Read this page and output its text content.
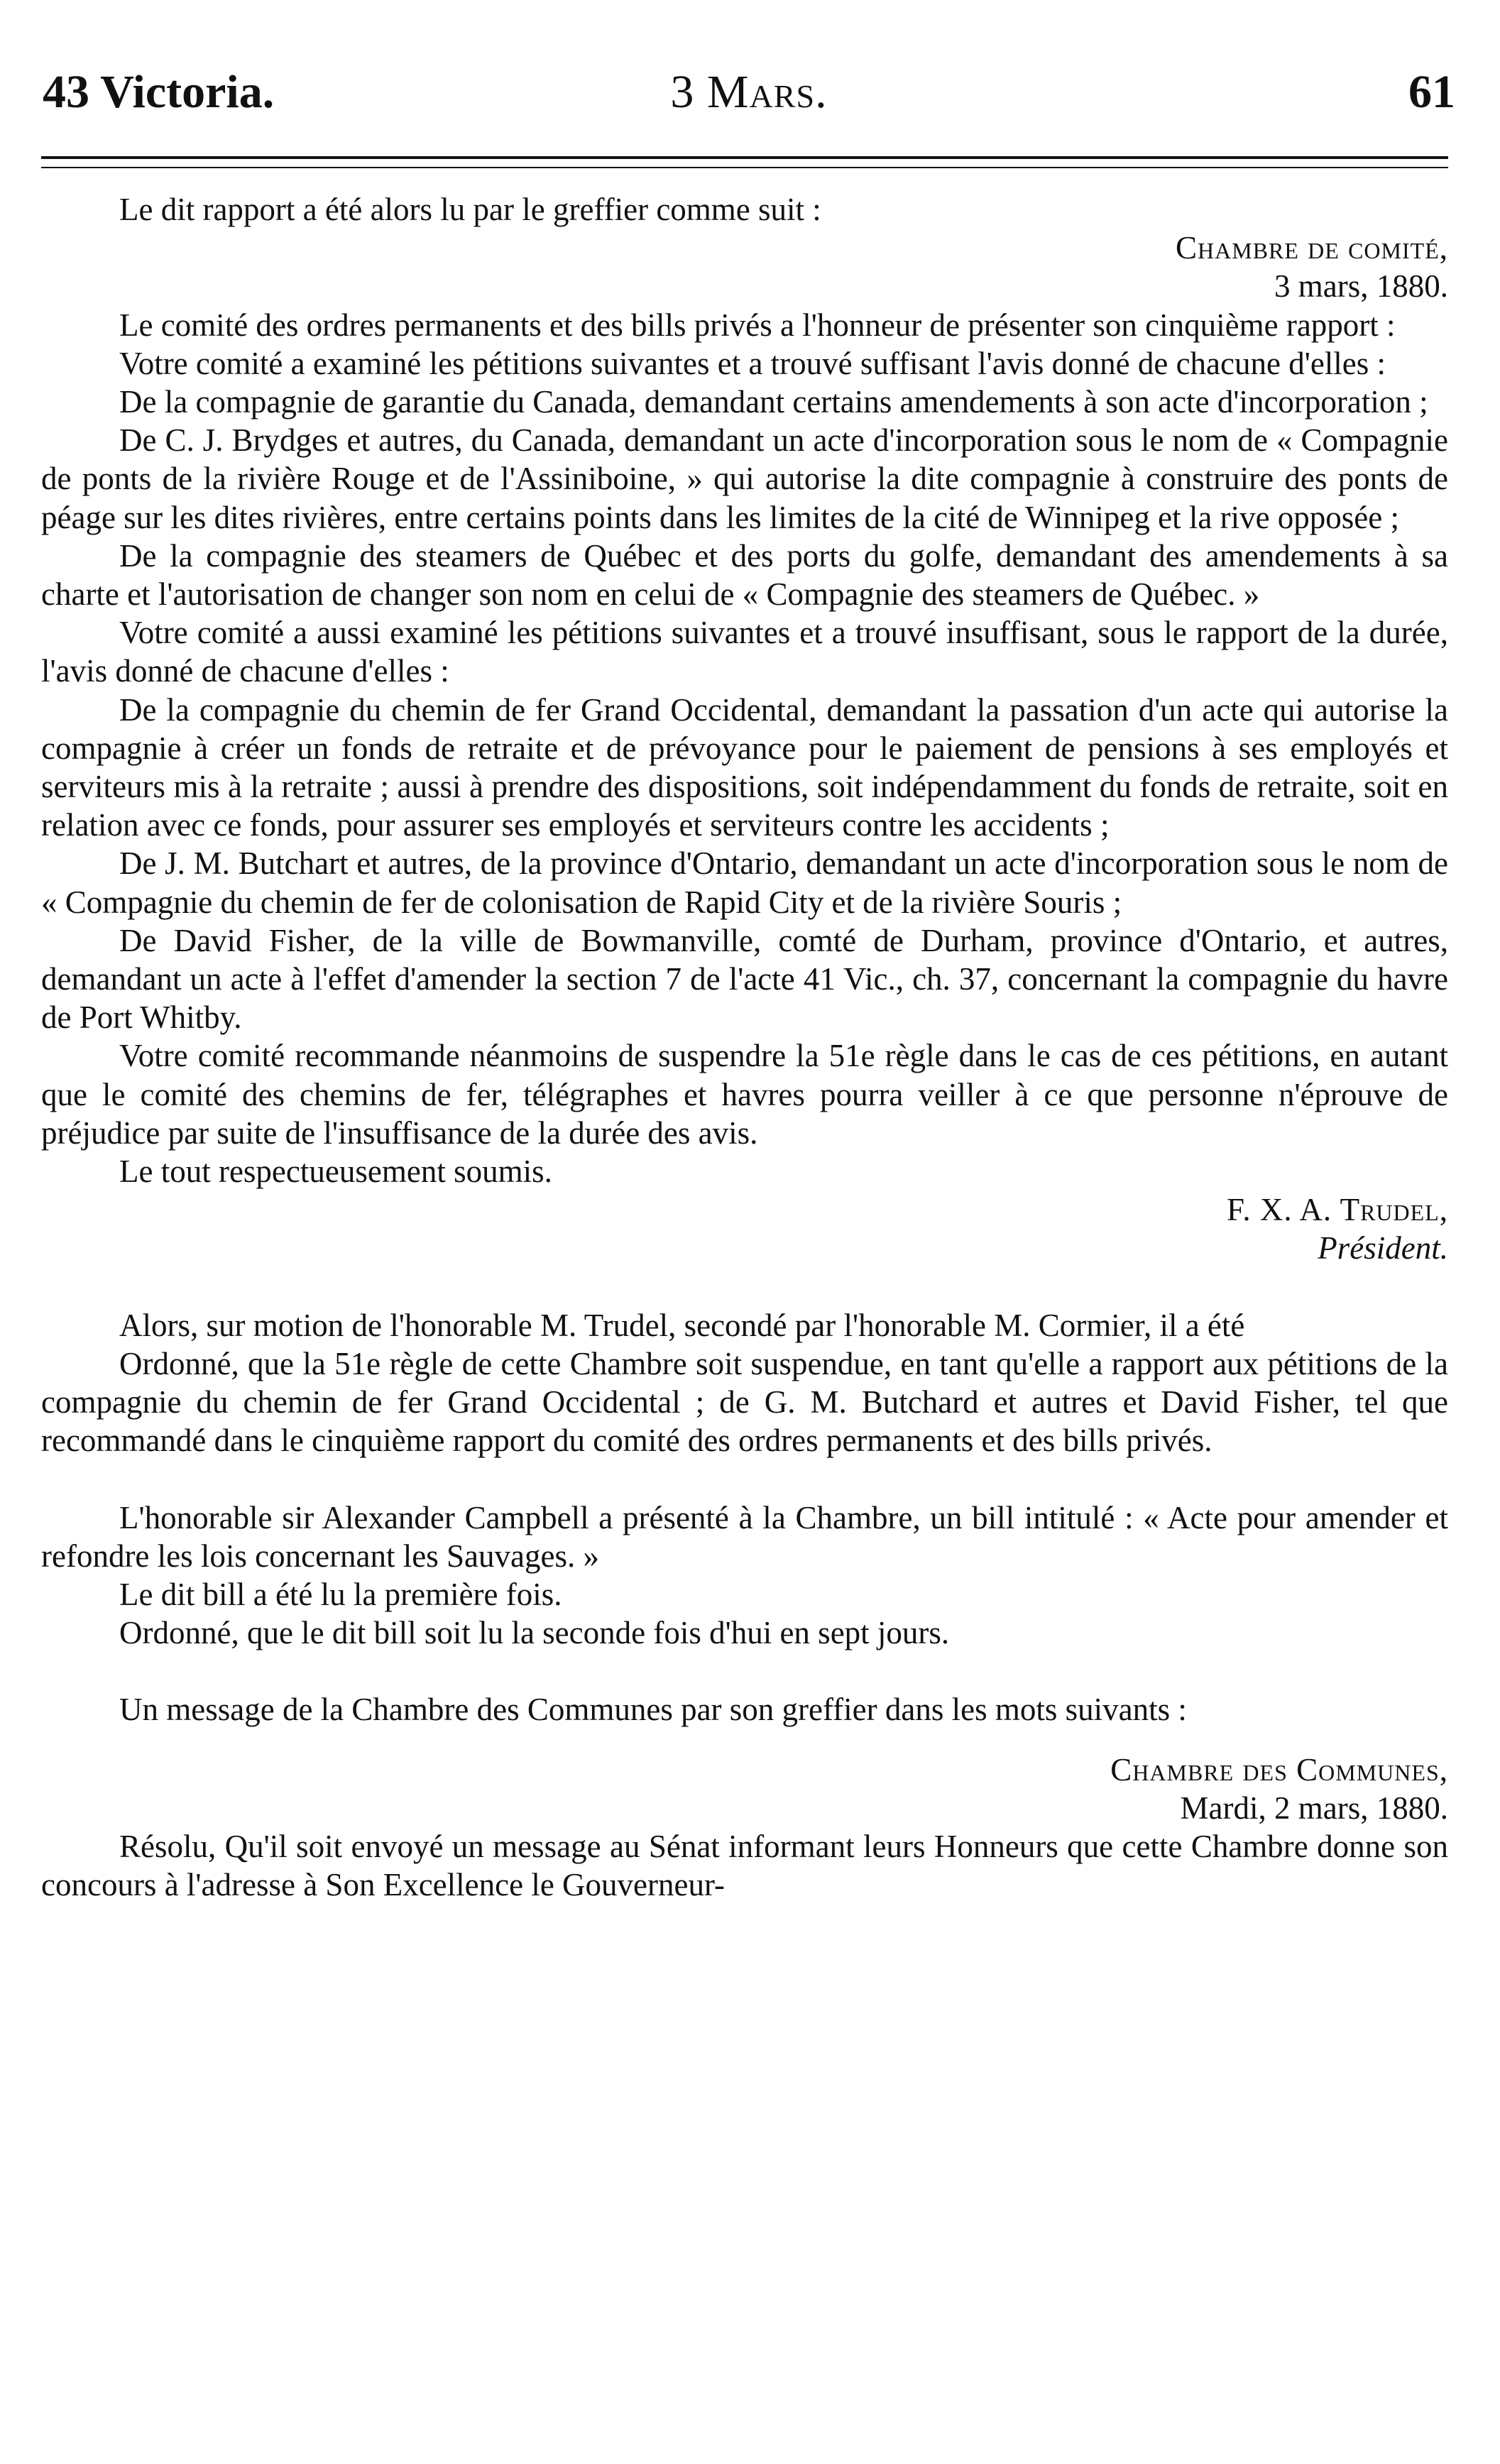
3 Mars.
43 Victoria.	61

Le dit rapport a été alors lu par le greffier comme suit :

Chambre de comité,

3 mars, 1880.

Le comité des ordres permanents et des bills privés a l'honneur de présenter son cinquième rapport :

Votre comité a examiné les pétitions suivantes et a trouvé suffisant l'avis donné de chacune d'elles :

De la compagnie de garantie du Canada, demandant certains amendements à son acte d'incorporation ;

De C. J. Brydges et autres, du Canada, demandant un acte d'incorporation sous le nom de « Compagnie de ponts de la rivière Rouge et de l'Assiniboine, » qui autorise la dite compagnie à construire des ponts de péage sur les dites rivières, entre certains points dans les limites de la cité de Winnipeg et la rive opposée ;

De la compagnie des steamers de Québec et des ports du golfe, demandant des amendements à sa charte et l'autorisation de changer son nom en celui de « Compagnie des steamers de Québec. »

Votre comité a aussi examiné les pétitions suivantes et a trouvé insuffisant, sous le rapport de la durée, l'avis donné de chacune d'elles :

De la compagnie du chemin de fer Grand Occidental, demandant la passation d'un acte qui autorise la compagnie à créer un fonds de retraite et de prévoyance pour le paiement de pensions à ses employés et serviteurs mis à la retraite ; aussi à prendre des dispositions, soit indépendamment du fonds de retraite, soit en relation avec ce fonds, pour assurer ses employés et serviteurs contre les accidents ;

De J. M. Butchart et autres, de la province d'Ontario, demandant un acte d'incorporation sous le nom de « Compagnie du chemin de fer de colonisation de Rapid City et de la rivière Souris ;

De David Fisher, de la ville de Bowmanville, comté de Durham, province d'Ontario, et autres, demandant un acte à l'effet d'amender la section 7 de l'acte 41 Vic., ch. 37, concernant la compagnie du havre de Port Whitby.

Votre comité recommande néanmoins de suspendre la 51e règle dans le cas de ces pétitions, en autant que le comité des chemins de fer, télégraphes et havres pourra veiller à ce que personne n'éprouve de préjudice par suite de l'insuffisance de la durée des avis.

Le tout respectueusement soumis.

F. X. A. Trudel,

Président.

Alors, sur motion de l'honorable M. Trudel, secondé par l'honorable M. Cormier, il a été

Ordonné, que la 51e règle de cette Chambre soit suspendue, en tant qu'elle a rapport aux pétitions de la compagnie du chemin de fer Grand Occidental ; de G. M. Butchard et autres et David Fisher, tel que recommandé dans le cinquième rapport du comité des ordres permanents et des bills privés.

L'honorable sir Alexander Campbell a présenté à la Chambre, un bill intitulé : « Acte pour amender et refondre les lois concernant les Sauvages. »

Le dit bill a été lu la première fois.

Ordonné, que le dit bill soit lu la seconde fois d'hui en sept jours.

Un message de la Chambre des Communes par son greffier dans les mots suivants :

Chambre des Communes,

Mardi, 2 mars, 1880.

Résolu, Qu'il soit envoyé un message au Sénat informant leurs Honneurs que cette Chambre donne son concours à l'adresse à Son Excellence le Gouverneur-
